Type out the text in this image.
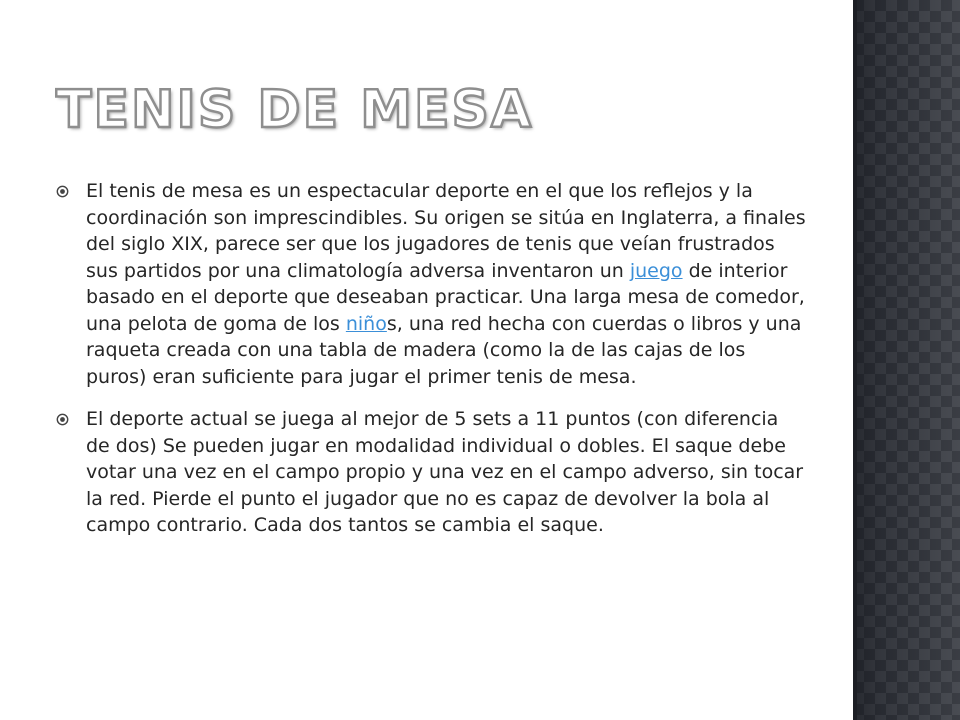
TENIS DE MESA
El tenis de mesa es un espectacular deporte en el que los reflejos y la coordinación son imprescindibles. Su origen se sitúa en Inglaterra, a finales del siglo XIX, parece ser que los jugadores de tenis que veían frustrados sus partidos por una climatología adversa inventaron un juego de interior basado en el deporte que deseaban practicar. Una larga mesa de comedor, una pelota de goma de los niños, una red hecha con cuerdas o libros y una raqueta creada con una tabla de madera (como la de las cajas de los puros) eran suficiente para jugar el primer tenis de mesa.
El deporte actual se juega al mejor de 5 sets a 11 puntos (con diferencia de dos) Se pueden jugar en modalidad individual o dobles. El saque debe votar una vez en el campo propio y una vez en el campo adverso, sin tocar la red. Pierde el punto el jugador que no es capaz de devolver la bola al campo contrario. Cada dos tantos se cambia el saque.
